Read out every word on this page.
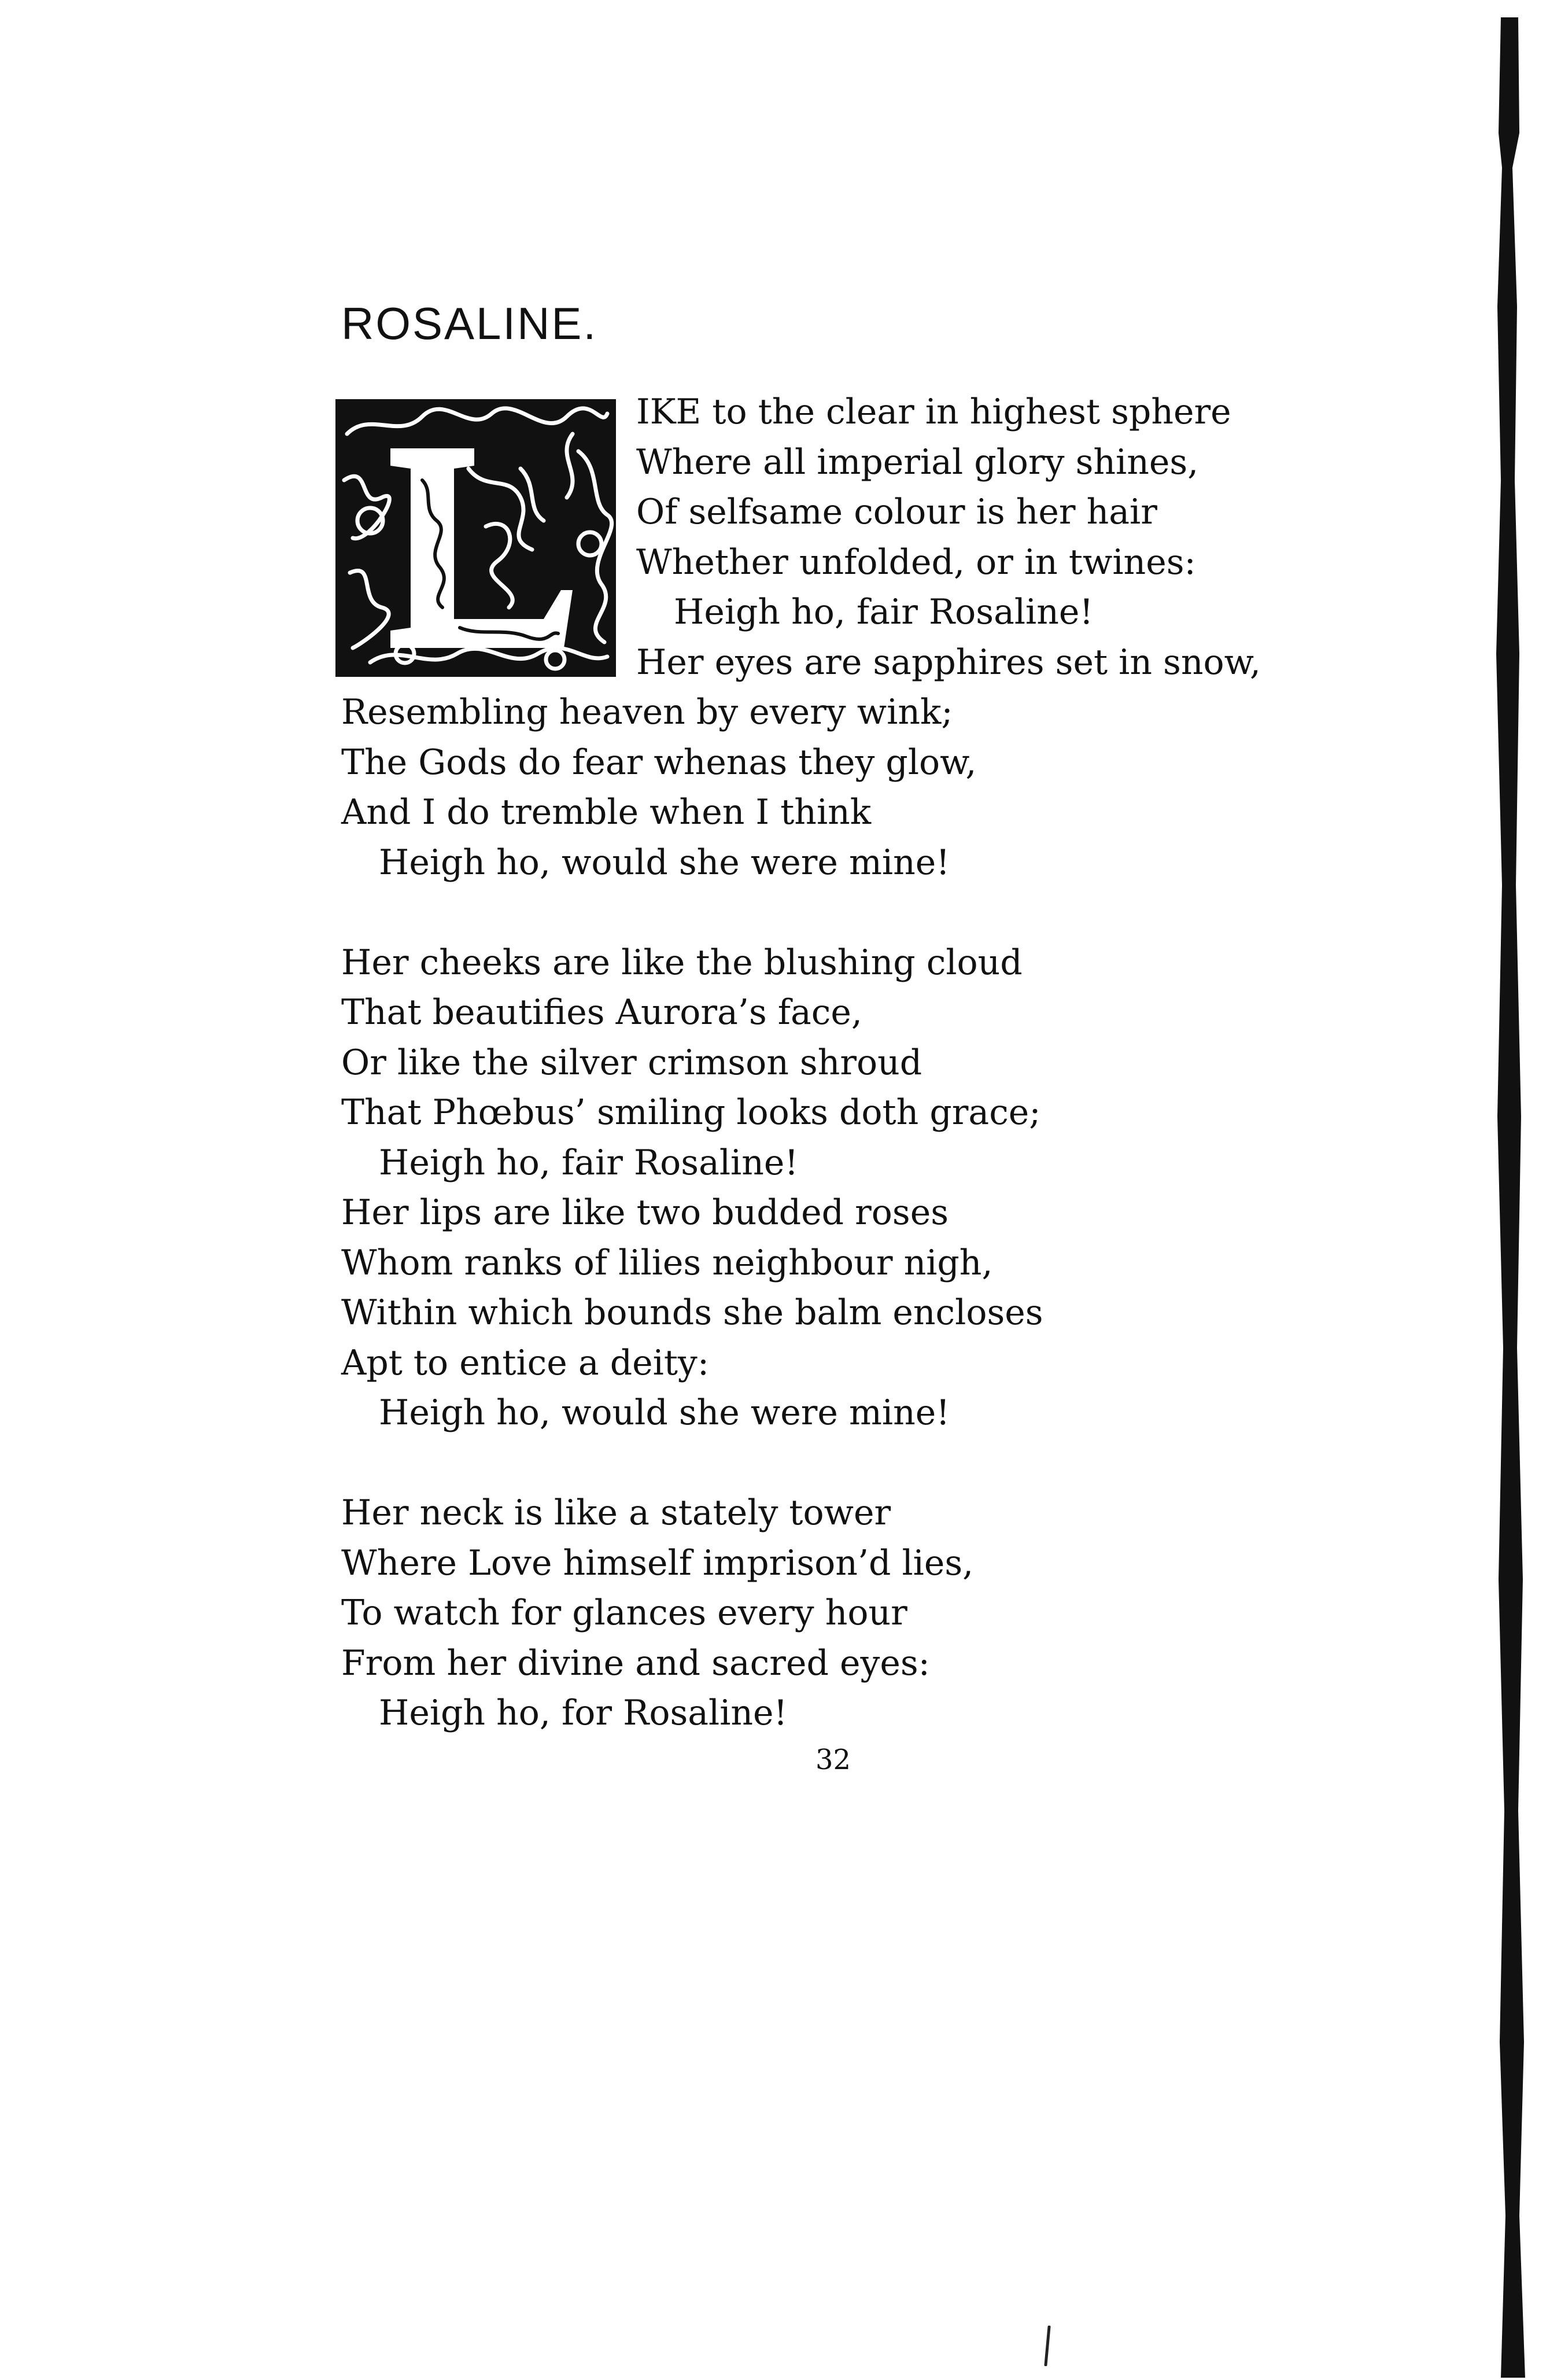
ROSALINE.
IKE to the clear in highest sphere
Where all imperial glory shines,
Of selfsame colour is her hair
Whether unfolded, or in twines:
Heigh ho, fair Rosaline!
Her eyes are sapphires set in snow,
Resembling heaven by every wink;
The Gods do fear whenas they glow,
And I do tremble when I think
Heigh ho, would she were mine!
Her cheeks are like the blushing cloud
That beautifies Aurora’s face,
Or like the silver crimson shroud
That Phœbus’ smiling looks doth grace;
Heigh ho, fair Rosaline!
Her lips are like two budded roses
Whom ranks of lilies neighbour nigh,
Within which bounds she balm encloses
Apt to entice a deity:
Heigh ho, would she were mine!
Her neck is like a stately tower
Where Love himself imprison’d lies,
To watch for glances every hour
From her divine and sacred eyes:
Heigh ho, for Rosaline!
32
